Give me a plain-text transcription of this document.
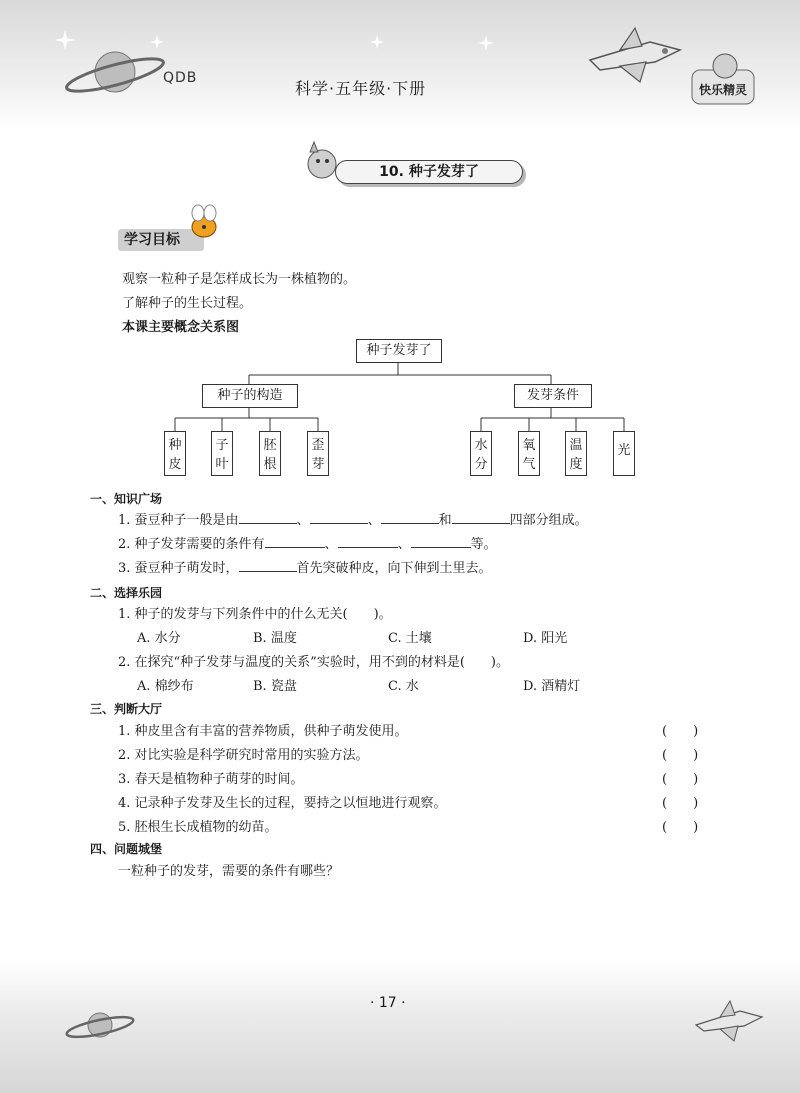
QDB
科学·五年级·下册	快乐精灵
10. 种子发芽了
学习目标
观察一粒种子是怎样成长为一株植物的。
了解种子的生长过程。
本课主要概念关系图
种子发芽了
种子的构造	发芽条件
种皮
子叶
胚根
歪芽
水分
氧气
温度
光
一、知识广场
1. 蚕豆种子一般是由	、	、	和	四部分组成。
2. 种子发芽需要的条件有	、	、	等。
3. 蚕豆种子萌发时，	首先突破种皮，向下伸到土里去。
二、选择乐园
1. 种子的发芽与下列条件中的什么无关(　　)。
A. 水分	B. 温度	C. 土壤	D. 阳光
2. 在探究“种子发芽与温度的关系”实验时，用不到的材料是(　　)。
A. 棉纱布	B. 瓷盘	C. 水	D. 酒精灯
三、判断大厅
1. 种皮里含有丰富的营养物质，供种子萌发使用。	(　　)
2. 对比实验是科学研究时常用的实验方法。	(　　)
3. 春天是植物种子萌芽的时间。	(　　)
4. 记录种子发芽及生长的过程，要持之以恒地进行观察。	(　　)
5. 胚根生长成植物的幼苗。	(　　)
四、问题城堡
一粒种子的发芽，需要的条件有哪些？
· 17 ·
